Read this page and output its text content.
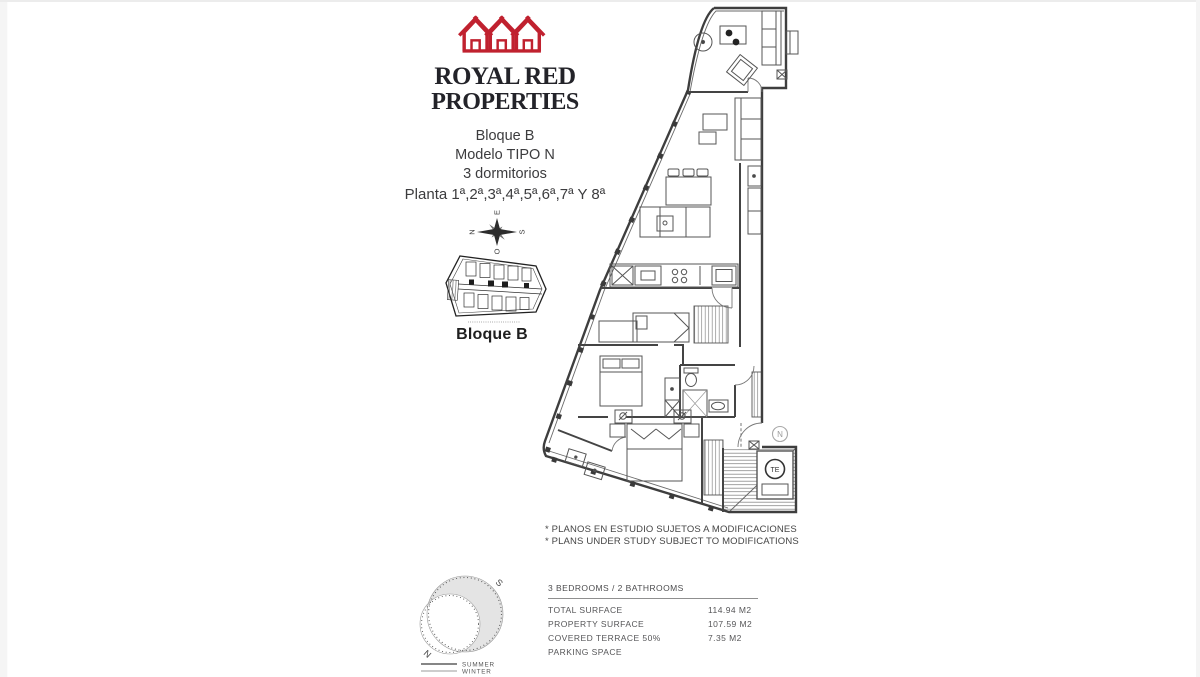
ROYAL RED
PROPERTIES
Bloque B
Modelo TIPO N
3 dormitorios
Planta 1ª,2ª,3ª,4ª,5ª,6ª,7ª Y 8ª
N
E
S
O
Bloque B
TE
N
* PLANOS EN ESTUDIO SUJETOS A MODIFICACIONES
* PLANS UNDER STUDY SUBJECT TO MODIFICATIONS
S
N
SUMMER
WINTER
3 BEDROOMS / 2 BATHROOMS
TOTAL SURFACE	114.94 M2
PROPERTY SURFACE	107.59 M2
COVERED TERRACE 50%	7.35 M2
PARKING SPACE
